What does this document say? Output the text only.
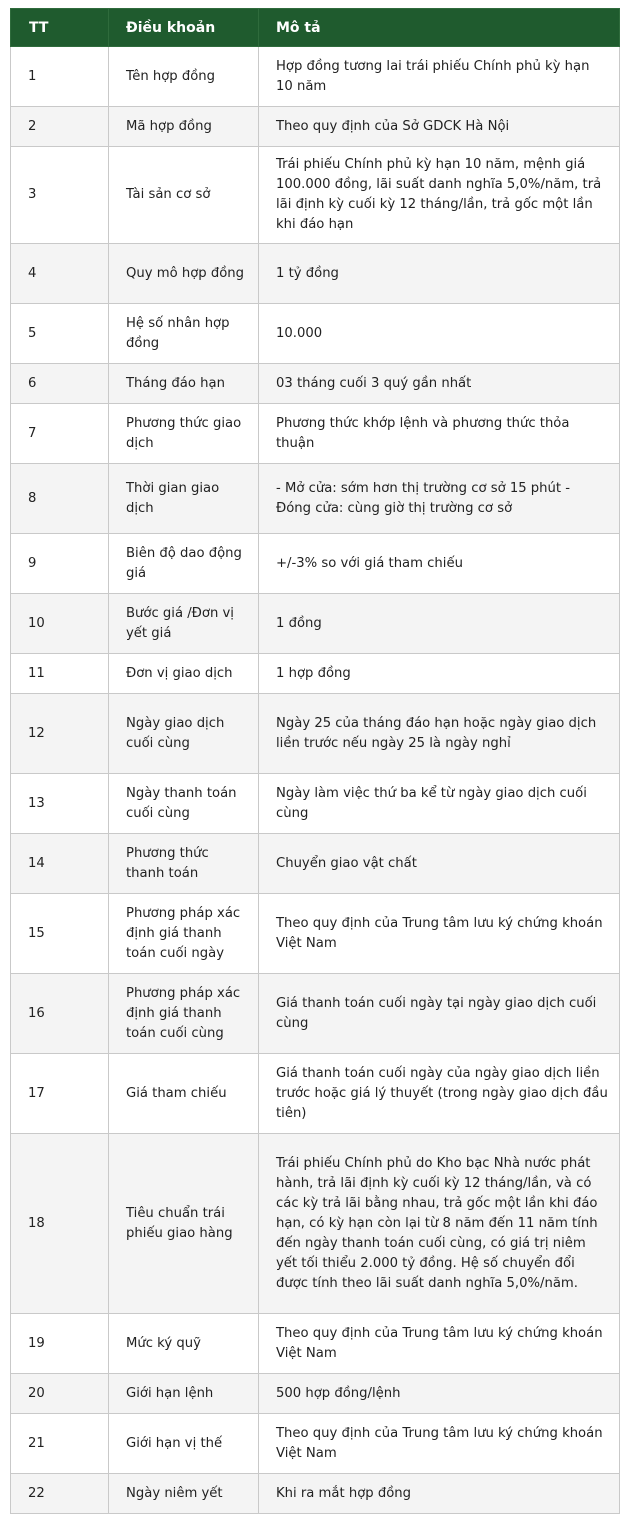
TT	Điều khoản	Mô tả
1	Tên hợp đồng	Hợp đồng tương lai trái phiếu Chính phủ kỳ hạn 10 năm
2	Mã hợp đồng	Theo quy định của Sở GDCK Hà Nội
3	Tài sản cơ sở	Trái phiếu Chính phủ kỳ hạn 10 năm, mệnh giá 100.000 đồng, lãi suất danh nghĩa 5,0%/năm, trả lãi định kỳ cuối kỳ 12 tháng/lần, trả gốc một lần khi đáo hạn
4	Quy mô hợp đồng	1 tỷ đồng
5	Hệ số nhân hợp đồng	10.000
6	Tháng đáo hạn	03 tháng cuối 3 quý gần nhất
7	Phương thức giao dịch	Phương thức khớp lệnh và phương thức thỏa thuận
8	Thời gian giao dịch	- Mở cửa: sớm hơn thị trường cơ sở 15 phút - Đóng cửa: cùng giờ thị trường cơ sở
9	Biên độ dao động giá	+/-3% so với giá tham chiếu
10	Bước giá /Đơn vị yết giá	1 đồng
11	Đơn vị giao dịch	1 hợp đồng
12	Ngày giao dịch cuối cùng	Ngày 25 của tháng đáo hạn hoặc ngày giao dịch liền trước nếu ngày 25 là ngày nghỉ
13	Ngày thanh toán cuối cùng	Ngày làm việc thứ ba kể từ ngày giao dịch cuối cùng
14	Phương thức thanh toán	Chuyển giao vật chất
15	Phương pháp xác định giá thanh toán cuối ngày	Theo quy định của Trung tâm lưu ký chứng khoán Việt Nam
16	Phương pháp xác định giá thanh toán cuối cùng	Giá thanh toán cuối ngày tại ngày giao dịch cuối cùng
17	Giá tham chiếu	Giá thanh toán cuối ngày của ngày giao dịch liền trước hoặc giá lý thuyết (trong ngày giao dịch đầu tiên)
18	Tiêu chuẩn trái phiếu giao hàng	Trái phiếu Chính phủ do Kho bạc Nhà nước phát hành, trả lãi định kỳ cuối kỳ 12 tháng/lần, và có các kỳ trả lãi bằng nhau, trả gốc một lần khi đáo hạn, có kỳ hạn còn lại từ 8 năm đến 11 năm tính đến ngày thanh toán cuối cùng, có giá trị niêm yết tối thiểu 2.000 tỷ đồng. Hệ số chuyển đổi được tính theo lãi suất danh nghĩa 5,0%/năm.
19	Mức ký quỹ	Theo quy định của Trung tâm lưu ký chứng khoán Việt Nam
20	Giới hạn lệnh	500 hợp đồng/lệnh
21	Giới hạn vị thế	Theo quy định của Trung tâm lưu ký chứng khoán Việt Nam
22	Ngày niêm yết	Khi ra mắt hợp đồng
